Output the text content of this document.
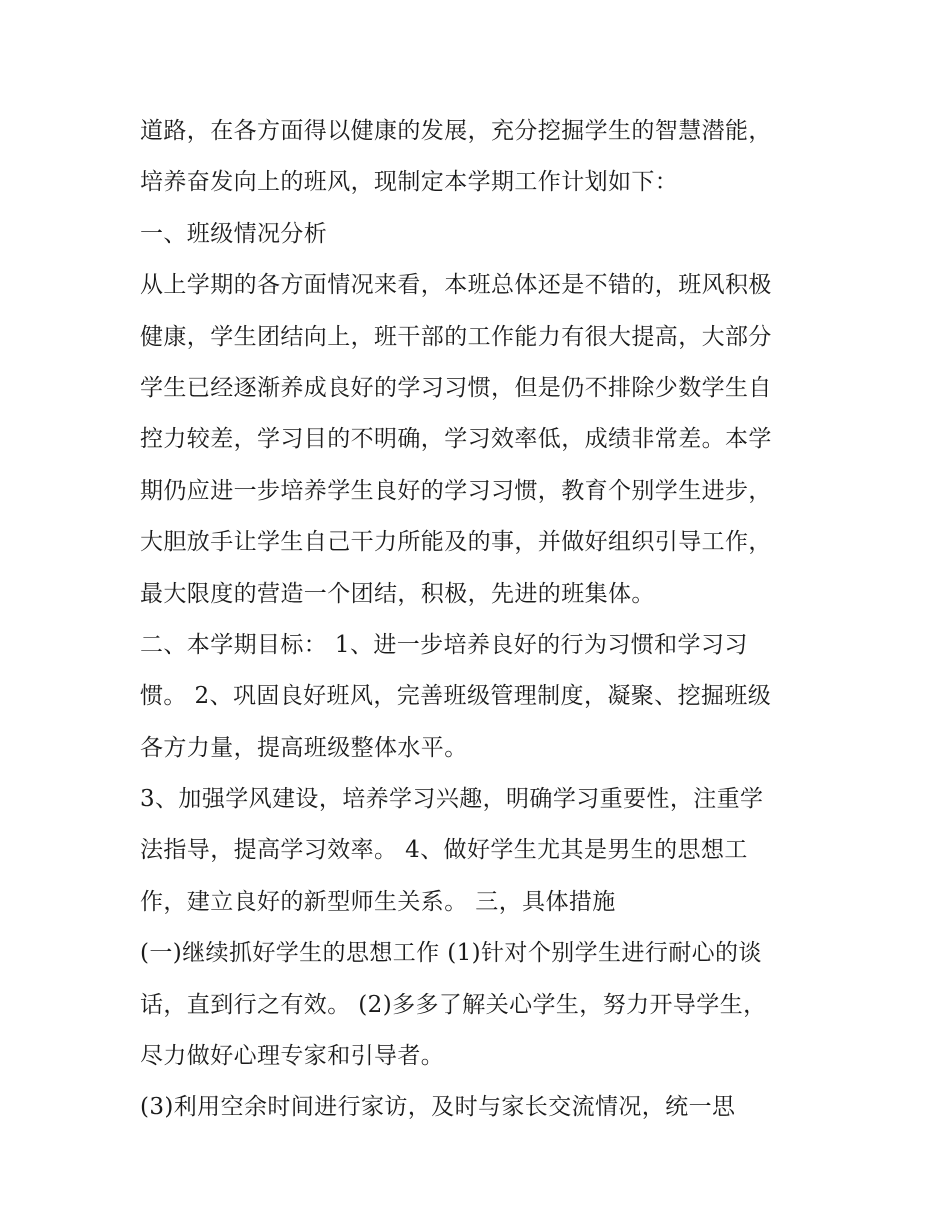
道路，在各方面得以健康的发展，充分挖掘学生的智慧潜能，
培养奋发向上的班风，现制定本学期工作计划如下：
一、班级情况分析
从上学期的各方面情况来看，本班总体还是不错的，班风积极
健康，学生团结向上，班干部的工作能力有很大提高，大部分
学生已经逐渐养成良好的学习习惯，但是仍不排除少数学生自
控力较差，学习目的不明确，学习效率低，成绩非常差。本学
期仍应进一步培养学生良好的学习习惯，教育个别学生进步，
大胆放手让学生自己干力所能及的事，并做好组织引导工作，
最大限度的营造一个团结，积极，先进的班集体。
二、本学期目标： 1、进一步培养良好的行为习惯和学习习
惯。 2、巩固良好班风，完善班级管理制度，凝聚、挖掘班级
各方力量，提高班级整体水平。
3、加强学风建设，培养学习兴趣，明确学习重要性，注重学
法指导，提高学习效率。 4、做好学生尤其是男生的思想工
作，建立良好的新型师生关系。 三，具体措施
(一)继续抓好学生的思想工作 (1)针对个别学生进行耐心的谈
话，直到行之有效。 (2)多多了解关心学生，努力开导学生，
尽力做好心理专家和引导者。
(3)利用空余时间进行家访，及时与家长交流情况，统一思
